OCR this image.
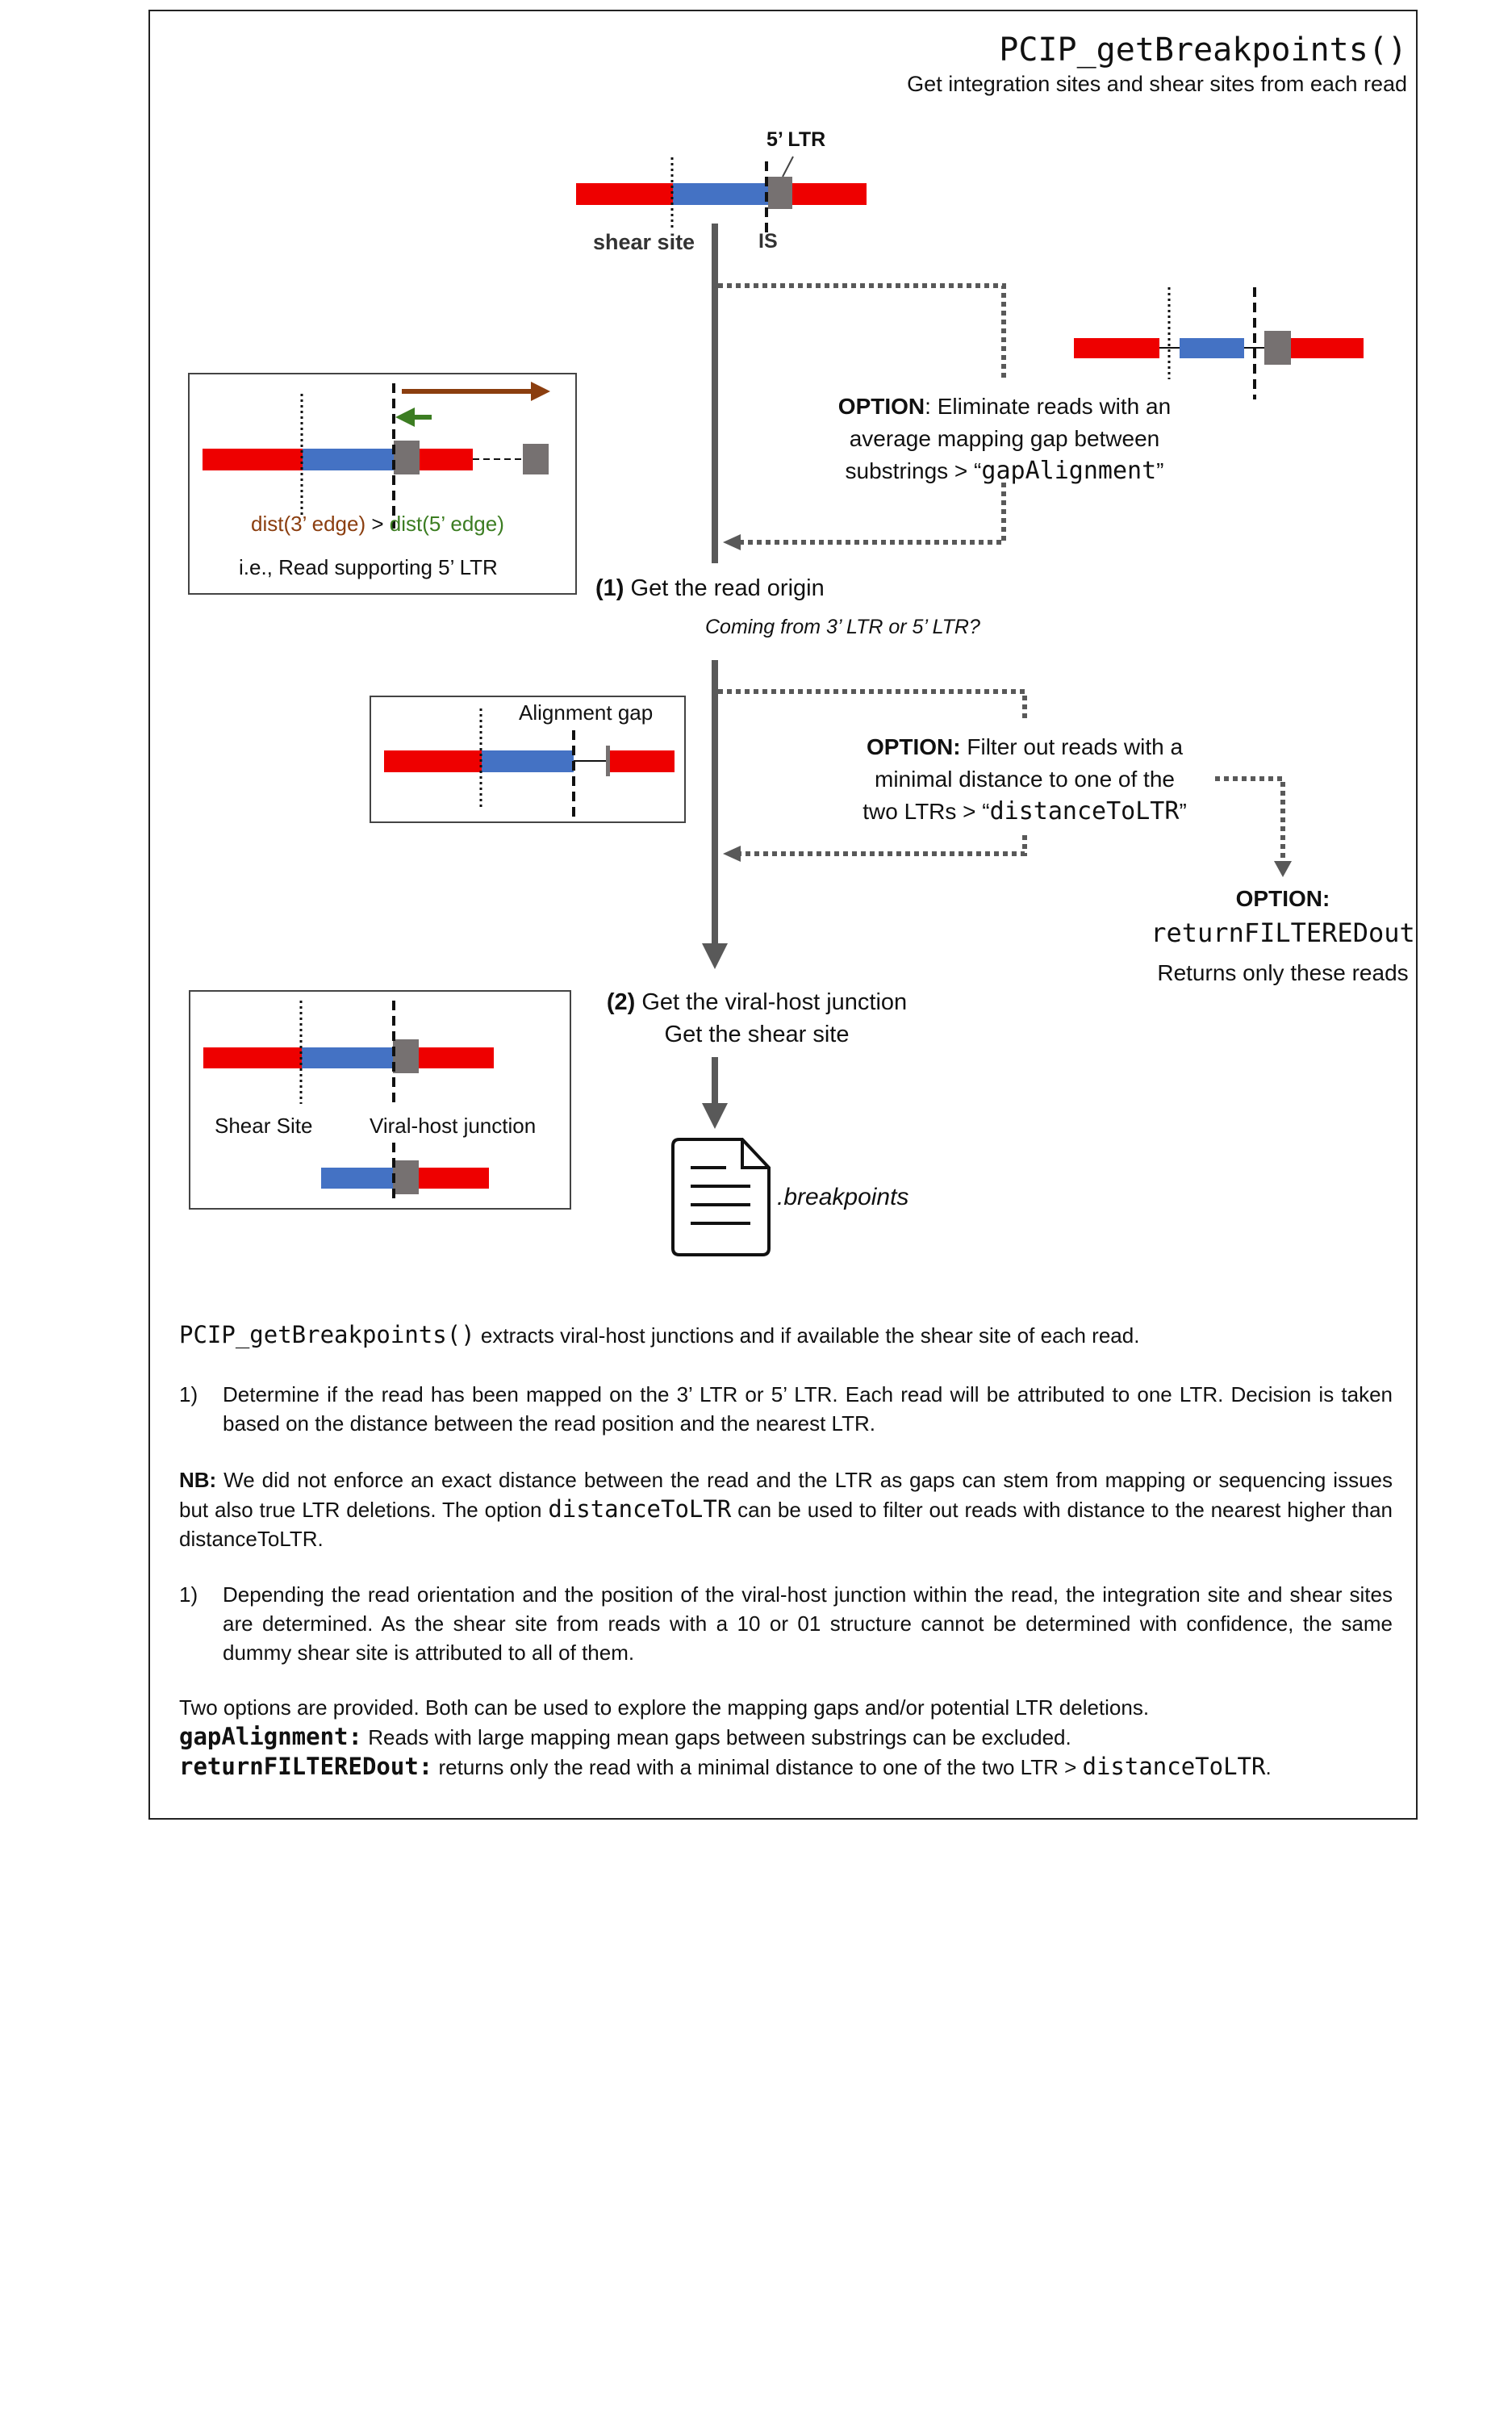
PCIP_getBreakpoints()
Get integration sites and shear sites from each read
5’ LTR
shear site	IS
OPTION: Eliminate reads with an
average mapping gap between
substrings > “gapAlignment”
dist(3’ edge) > dist(5’ edge)
i.e., Read supporting 5’ LTR
(1) Get the read origin
Coming from 3’ LTR or 5’ LTR?
Alignment gap
OPTION: Filter out reads with a
minimal distance to one of the
two LTRs > “distanceToLTR”
OPTION:
returnFILTEREDout
Returns only these reads
(2) Get the viral-host junction
Get the shear site
Shear Site	Viral-host junction
.breakpoints
PCIP_getBreakpoints() extracts viral-host junctions and if available the shear site of each read.
1) Determine if the read has been mapped on the 3’ LTR or 5’ LTR. Each read will be attributed to one LTR. Decision is taken based on the distance between the read position and the nearest LTR.
NB: We did not enforce an exact distance between the read and the LTR as gaps can stem from mapping or sequencing issues but also true LTR deletions. The option distanceToLTR can be used to filter out reads with distance to the nearest higher than distanceToLTR.
1) Depending the read orientation and the position of the viral-host junction within the read, the integration site and shear sites are determined. As the shear site from reads with a 10 or 01 structure cannot be determined with confidence, the same dummy shear site is attributed to all of them.
Two options are provided. Both can be used to explore the mapping gaps and/or potential LTR deletions.
gapAlignment: Reads with large mapping mean gaps between substrings can be excluded.
returnFILTEREDout: returns only the read with a minimal distance to one of the two LTR > distanceToLTR.
